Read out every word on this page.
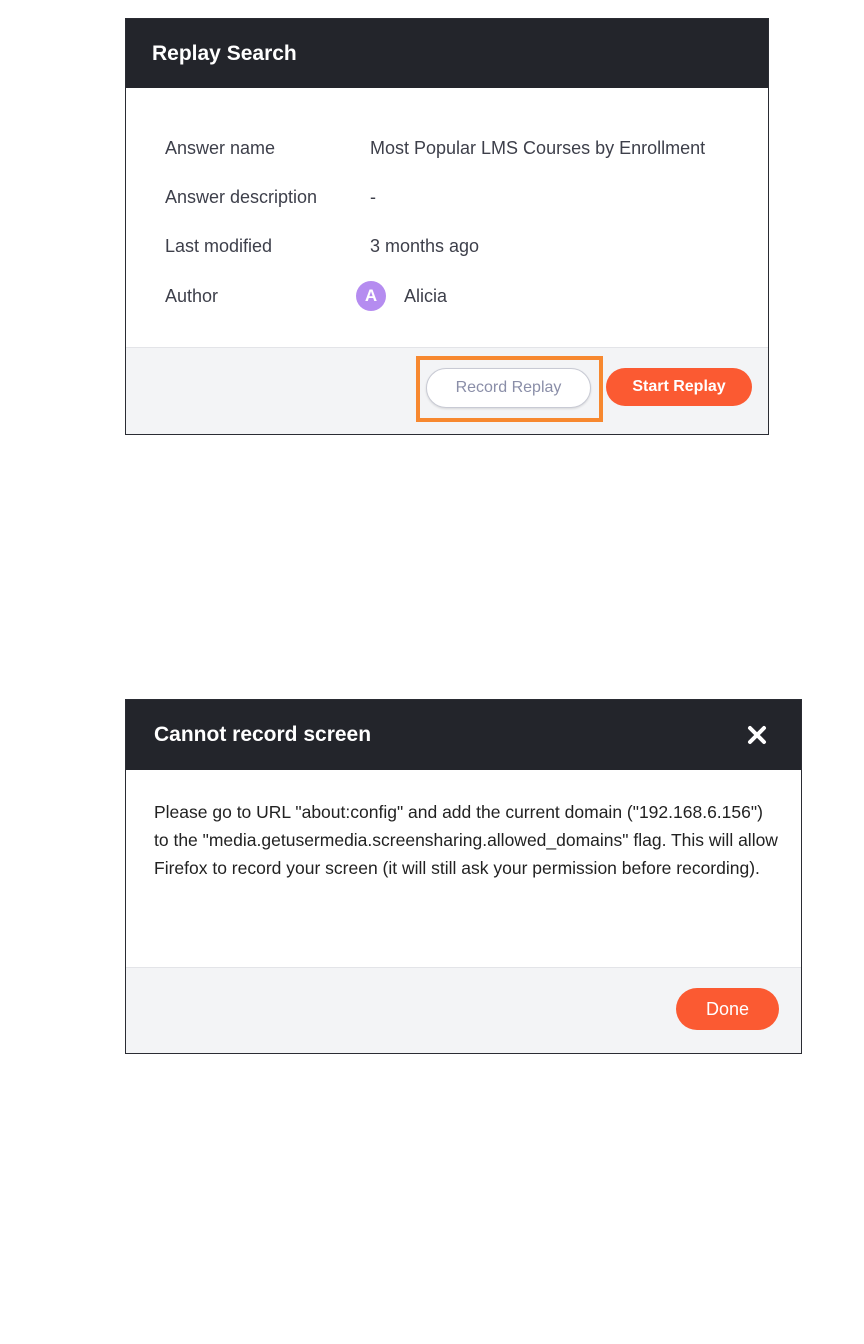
Replay Search
Answer name	Most Popular LMS Courses by Enrollment
Answer description	-
Last modified	3 months ago
Author	A	Alicia
Record Replay	Start Replay
Cannot record screen
Please go to URL "about:config" and add the current domain ("192.168.6.156") to the "media.getusermedia.screensharing.allowed_domains" flag. This will allow Firefox to record your screen (it will still ask your permission before recording).
Done
